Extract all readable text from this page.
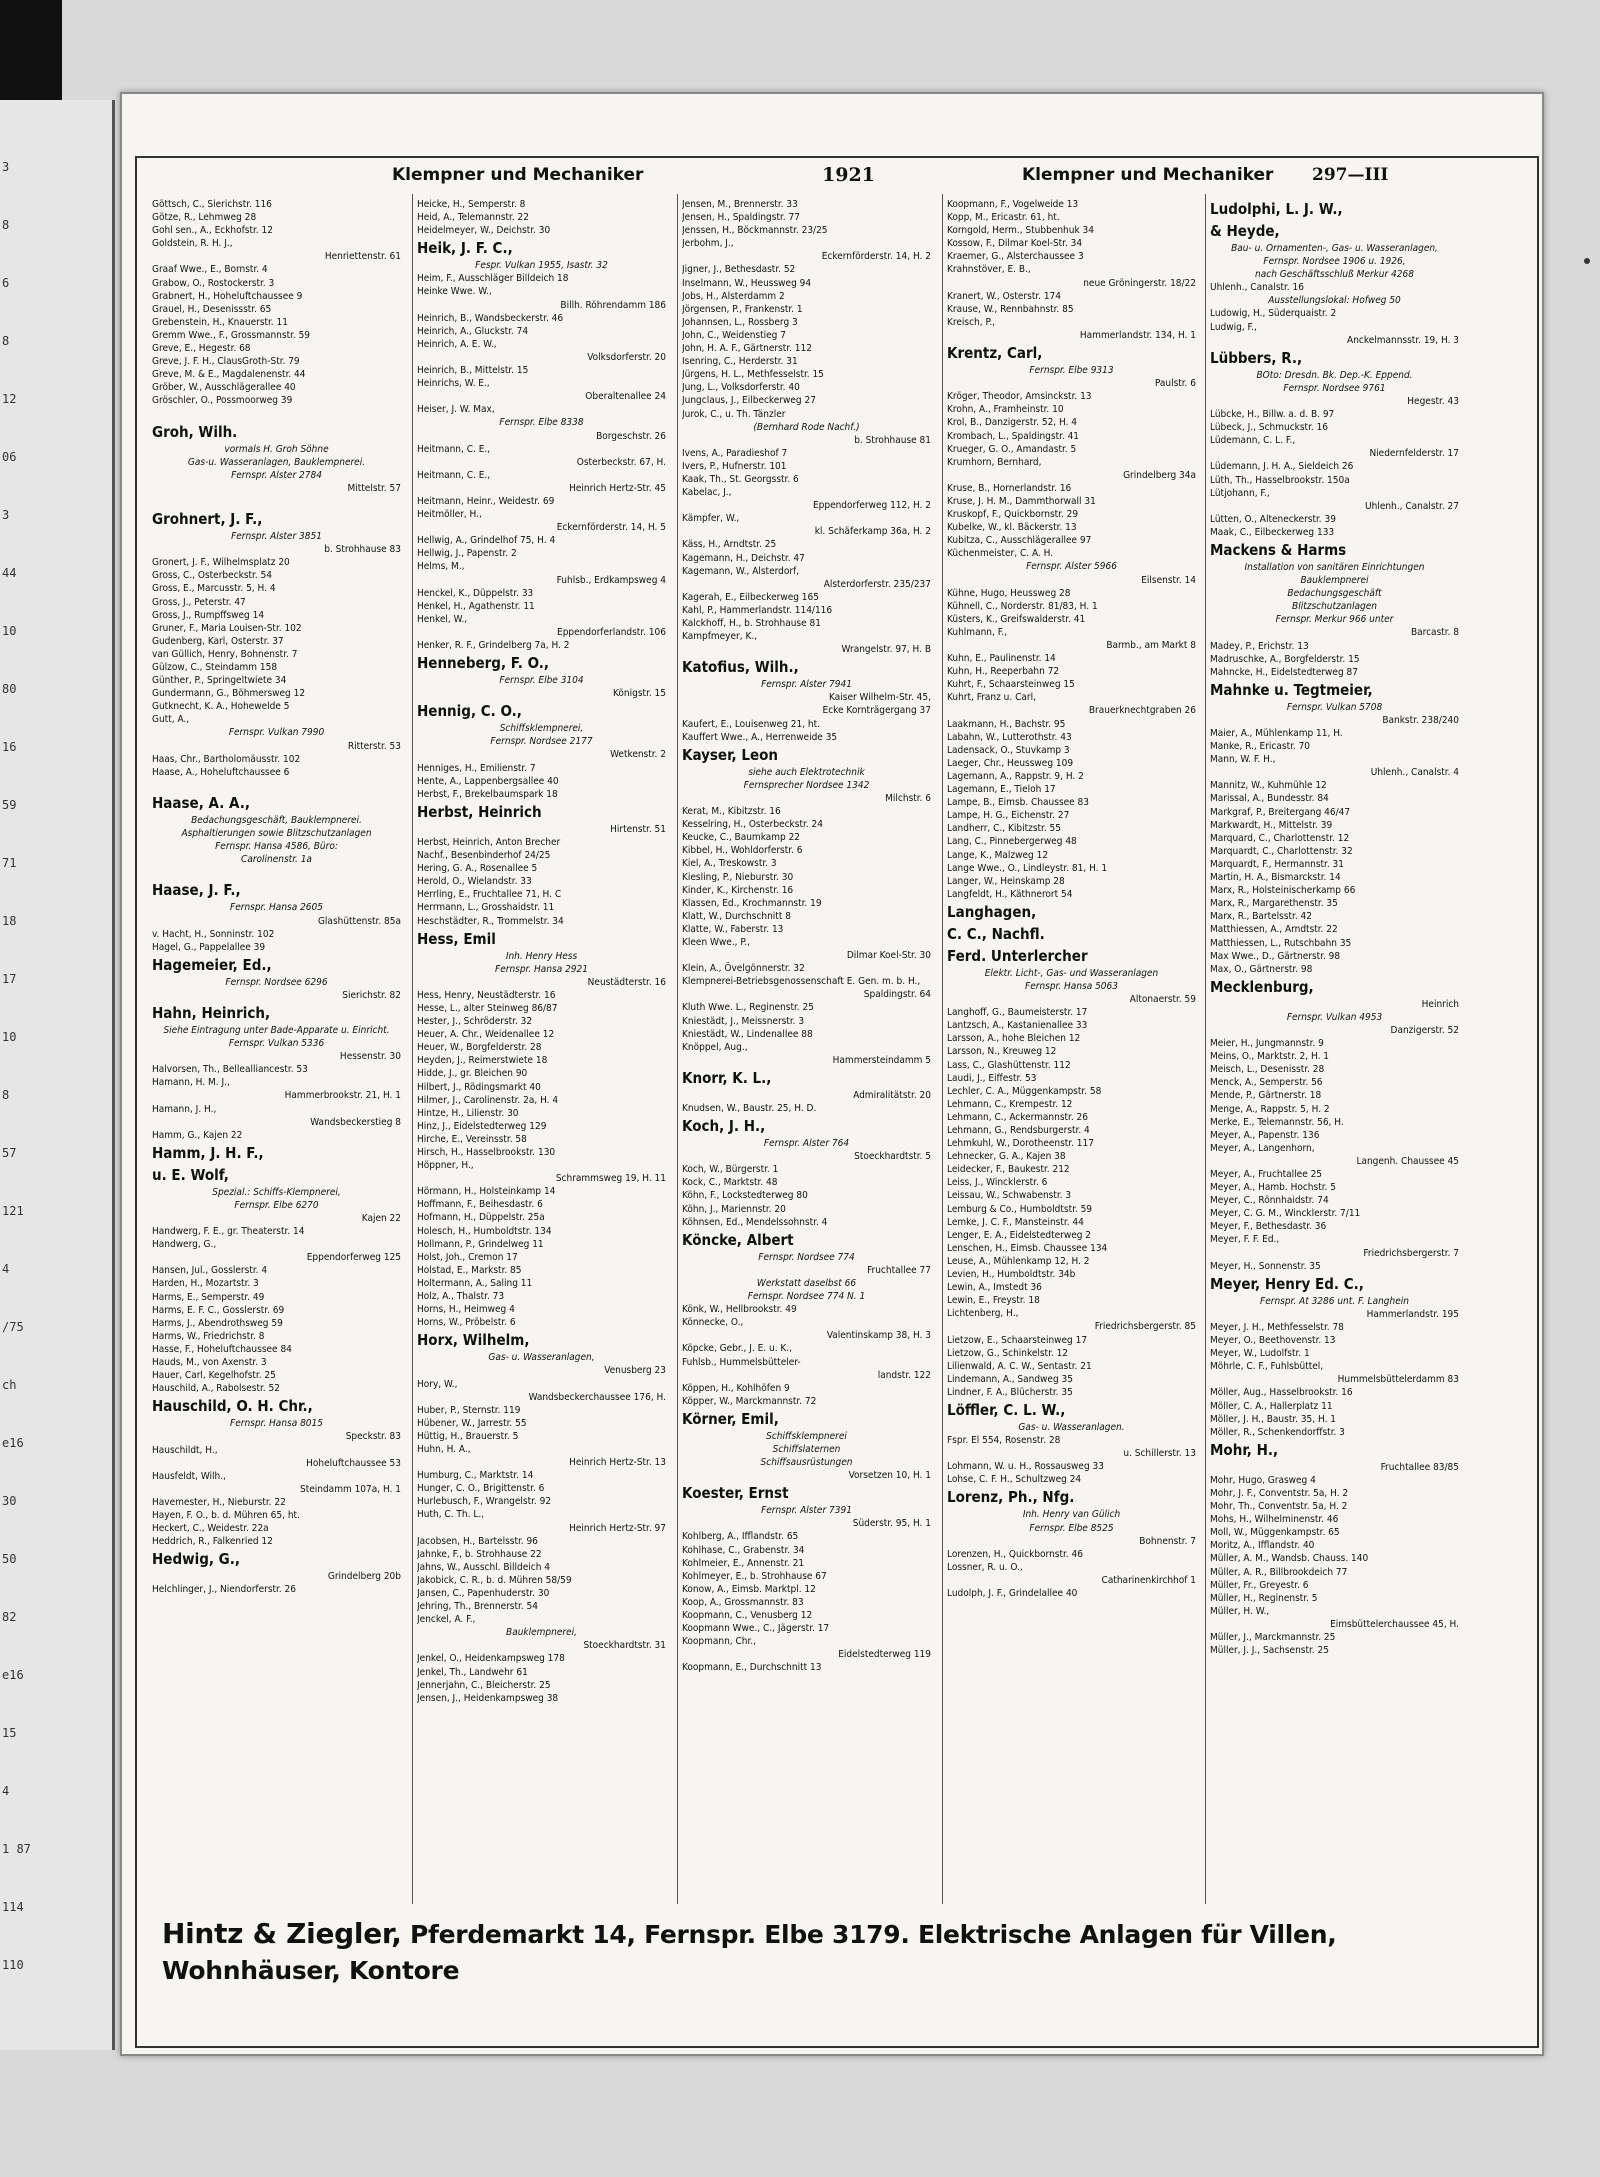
3
8
6
8
12
06
3
44
10
80
16
59
71
18
17
10
8
57
121
4
/75
ch
e16
30
50
82
e16
15
4
1 87
114
110
Klempner und Mechaniker	1921	Klempner und Mechaniker 297—III
Göttsch, C., Sierichstr. 116
Götze, R., Lehmweg 28
Gohl sen., A., Eckhofstr. 12
Goldstein, R. H. J.,
Henriettenstr. 61
Graaf Wwe., E., Bornstr. 4
Grabow, O., Rostockerstr. 3
Grabnert, H., Hoheluftchaussee 9
Grauel, H., Desenissstr. 65
Grebenstein, H., Knauerstr. 11
Gremm Wwe., F., Grossmannstr. 59
Greve, E., Hegestr. 68
Greve, J. F. H., ClausGroth-Str. 79
Greve, M. & E., Magdalenenstr. 44
Gröber, W., Ausschlägerallee 40
Gröschler, O., Possmoorweg 39
Groh, Wilh.
vormals H. Groh Söhne
Gas-u. Wasseranlagen, Bauklempnerei.
Fernspr. Alster 2784
Mittelstr. 57
Grohnert, J. F.,
Fernspr. Alster 3851
b. Strohhause 83
Gronert, J. F., Wilhelmsplatz 20
Gross, C., Osterbeckstr. 54
Gross, E., Marcusstr. 5, H. 4
Gross, J., Peterstr. 47
Gross, J., Rumpffsweg 14
Gruner, F., Maria Louisen-Str. 102
Gudenberg, Karl, Osterstr. 37
van Güllich, Henry, Bohnenstr. 7
Gülzow, C., Steindamm 158
Günther, P., Springeltwiete 34
Gundermann, G., Böhmersweg 12
Gutknecht, K. A., Hohewelde 5
Gutt, A.,
Fernspr. Vulkan 7990
Ritterstr. 53
Haas, Chr., Bartholomäusstr. 102
Haase, A., Hoheluftchaussee 6
Haase, A. A.,
Bedachungsgeschäft, Bauklempnerei.
Asphaltierungen sowie Blitzschutzanlagen
Fernspr. Hansa 4586, Büro:
Carolinenstr. 1a
Haase, J. F.,
Fernspr. Hansa 2605
Glashüttenstr. 85a
v. Hacht, H., Sonninstr. 102
Hagel, G., Pappelallee 39
Hagemeier, Ed.,
Fernspr. Nordsee 6296
Sierichstr. 82
Hahn, Heinrich,
Siehe Eintragung unter Bade-Apparate u. Einricht.
Fernspr. Vulkan 5336
Hessenstr. 30
Halvorsen, Th., Bellealliancestr. 53
Hamann, H. M. J.,
Hammerbrookstr. 21, H. 1
Hamann, J. H.,
Wandsbeckerstieg 8
Hamm, G., Kajen 22
Hamm, J. H. F.,
u. E. Wolf,
Spezial.: Schiffs-Klempnerei,
Fernspr. Elbe 6270
Kajen 22
Handwerg, F. E., gr. Theaterstr. 14
Handwerg, G.,
Eppendorferweg 125
Hansen, Jul., Gosslerstr. 4
Harden, H., Mozartstr. 3
Harms, E., Semperstr. 49
Harms, E. F. C., Gosslerstr. 69
Harms, J., Abendrothsweg 59
Harms, W., Friedrichstr. 8
Hasse, F., Hoheluftchaussee 84
Hauds, M., von Axenstr. 3
Hauer, Carl, Kegelhofstr. 25
Hauschild, A., Rabolsestr. 52
Hauschild, O. H. Chr.,
Fernspr. Hansa 8015
Speckstr. 83
Hauschildt, H.,
Hoheluftchaussee 53
Hausfeldt, Wilh.,
Steindamm 107a, H. 1
Havemester, H., Nieburstr. 22
Hayen, F. O., b. d. Mühren 65, ht.
Heckert, C., Weidestr. 22a
Heddrich, R., Falkenried 12
Hedwig, G.,
Grindelberg 20b
Helchlinger, J., Niendorferstr. 26
Heicke, H., Semperstr. 8
Heid, A., Telemannstr. 22
Heidelmeyer, W., Deichstr. 30
Heik, J. F. C.,
Fespr. Vulkan 1955, Isastr. 32
Heim, F., Ausschläger Billdeich 18
Heinke Wwe. W.,
Billh. Röhrendamm 186
Heinrich, B., Wandsbeckerstr. 46
Heinrich, A., Gluckstr. 74
Heinrich, A. E. W.,
Volksdorferstr. 20
Heinrich, B., Mittelstr. 15
Heinrichs, W. E.,
Oberaltenallee 24
Heiser, J. W. Max,
Fernspr. Elbe 8338
Borgeschstr. 26
Heitmann, C. E.,
Osterbeckstr. 67, H.
Heitmann, C. E.,
Heinrich Hertz-Str. 45
Heitmann, Heinr., Weidestr. 69
Heitmöller, H.,
Eckernförderstr. 14, H. 5
Hellwig, A., Grindelhof 75, H. 4
Hellwig, J., Papenstr. 2
Helms, M.,
Fuhlsb., Erdkampsweg 4
Henckel, K., Düppelstr. 33
Henkel, H., Agathenstr. 11
Henkel, W.,
Eppendorferlandstr. 106
Henker, R. F., Grindelberg 7a, H. 2
Henneberg, F. O.,
Fernspr. Elbe 3104
Königstr. 15
Hennig, C. O.,
Schiffsklempnerei,
Fernspr. Nordsee 2177
Wetkenstr. 2
Henniges, H., Emilienstr. 7
Hente, A., Lappenbergsallee 40
Herbst, F., Brekelbaumspark 18
Herbst, Heinrich
Hirtenstr. 51
Herbst, Heinrich, Anton Brecher
Nachf., Besenbinderhof 24/25
Hering, G. A., Rosenallee 5
Herold, O., Wielandstr. 33
Herrling, E., Fruchtallee 71, H. C
Herrmann, L., Grosshaidstr. 11
Heschstädter, R., Trommelstr. 34
Hess, Emil
Inh. Henry Hess
Fernspr. Hansa 2921
Neustädterstr. 16
Hess, Henry, Neustädterstr. 16
Hesse, L., alter Steinweg 86/87
Hester, J., Schröderstr. 32
Heuer, A. Chr., Weidenallee 12
Heuer, W., Borgfelderstr. 28
Heyden, J., Reimerstwiete 18
Hidde, J., gr. Bleichen 90
Hilbert, J., Rödingsmarkt 40
Hilmer, J., Carolinenstr. 2a, H. 4
Hintze, H., Lilienstr. 30
Hinz, J., Eidelstedterweg 129
Hirche, E., Vereinsstr. 58
Hirsch, H., Hasselbrookstr. 130
Höppner, H.,
Schrammsweg 19, H. 11
Hörmann, H., Holsteinkamp 14
Hoffmann, F., Beihesdastr. 6
Hofmann, H., Düppelstr. 25a
Holesch, H., Humboldtstr. 134
Hollmann, P., Grindelweg 11
Holst, Joh., Cremon 17
Holstad, E., Markstr. 85
Holtermann, A., Saling 11
Holz, A., Thalstr. 73
Horns, H., Heimweg 4
Horns, W., Pröbelstr. 6
Horx, Wilhelm,
Gas- u. Wasseranlagen,
Venusberg 23
Hory, W.,
Wandsbeckerchaussee 176, H.
Huber, P., Sternstr. 119
Hübener, W., Jarrestr. 55
Hüttig, H., Brauerstr. 5
Huhn, H. A.,
Heinrich Hertz-Str. 13
Humburg, C., Marktstr. 14
Hunger, C. O., Brigittenstr. 6
Hurlebusch, F., Wrangelstr. 92
Huth, C. Th. L.,
Heinrich Hertz-Str. 97
Jacobsen, H., Bartelsstr. 96
Jahnke, F., b. Strohhause 22
Jahns, W., Ausschl. Billdeich 4
Jakobick, C. R., b. d. Mühren 58/59
Jansen, C., Papenhuderstr. 30
Jehring, Th., Brennerstr. 54
Jenckel, A. F.,
Bauklempnerei,
Stoeckhardtstr. 31
Jenkel, O., Heidenkampsweg 178
Jenkel, Th., Landwehr 61
Jennerjahn, C., Bleicherstr. 25
Jensen, J., Heidenkampsweg 38
Jensen, M., Brennerstr. 33
Jensen, H., Spaldingstr. 77
Jenssen, H., Böckmannstr. 23/25
Jerbohm, J.,
Eckernförderstr. 14, H. 2
Jigner, J., Bethesdastr. 52
Inselmann, W., Heussweg 94
Jobs, H., Alsterdamm 2
Jörgensen, P., Frankenstr. 1
Johannsen, L., Rossberg 3
John, C., Weidenstieg 7
John, H. A. F., Gärtnerstr. 112
Isenring, C., Herderstr. 31
Jürgens, H. L., Methfesselstr. 15
Jung, L., Volksdorferstr. 40
Jungclaus, J., Eilbeckerweg 27
Jurok, C., u. Th. Tänzler
(Bernhard Rode Nachf.)
b. Strohhause 81
Ivens, A., Paradieshof 7
Ivers, P., Hufnerstr. 101
Kaak, Th., St. Georgsstr. 6
Kabelac, J.,
Eppendorferweg 112, H. 2
Kämpfer, W.,
kl. Schäferkamp 36a, H. 2
Käss, H., Arndtstr. 25
Kagemann, H., Deichstr. 47
Kagemann, W., Alsterdorf,
Alsterdorferstr. 235/237
Kagerah, E., Eilbeckerweg 165
Kahl, P., Hammerlandstr. 114/116
Kalckhoff, H., b. Strohhause 81
Kampfmeyer, K.,
Wrangelstr. 97, H. B
Katofius, Wilh.,
Fernspr. Alster 7941
Kaiser Wilhelm-Str. 45,
Ecke Kornträgergang 37
Kaufert, E., Louisenweg 21, ht.
Kauffert Wwe., A., Herrenweide 35
Kayser, Leon
siehe auch Elektrotechnik
Fernsprecher Nordsee 1342
Milchstr. 6
Kerat, M., Kibitzstr. 16
Kesselring, H., Osterbeckstr. 24
Keucke, C., Baumkamp 22
Kibbel, H., Wohldorferstr. 6
Kiel, A., Treskowstr. 3
Kiesling, P., Nieburstr. 30
Kinder, K., Kirchenstr. 16
Klassen, Ed., Krochmannstr. 19
Klatt, W., Durchschnitt 8
Klatte, W., Faberstr. 13
Kleen Wwe., P.,
Dilmar Koel-Str. 30
Klein, A., Övelgönnerstr. 32
Klempnerei-Betriebsgenossenschaft E. Gen. m. b. H.,
Spaldingstr. 64
Kluth Wwe. L., Reginenstr. 25
Kniestädt, J., Meissnerstr. 3
Kniestädt, W., Lindenallee 88
Knöppel, Aug.,
Hammersteindamm 5
Knorr, K. L.,
Admiralitätstr. 20
Knudsen, W., Baustr. 25, H. D.
Koch, J. H.,
Fernspr. Alster 764
Stoeckhardtstr. 5
Koch, W., Bürgerstr. 1
Kock, C., Marktstr. 48
Köhn, F., Lockstedterweg 80
Köhn, J., Mariennstr. 20
Köhnsen, Ed., Mendelssohnstr. 4
Köncke, Albert
Fernspr. Nordsee 774
Fruchtallee 77
Werkstatt daselbst 66
Fernspr. Nordsee 774 N. 1
Könk, W., Hellbrookstr. 49
Könnecke, O.,
Valentinskamp 38, H. 3
Köpcke, Gebr., J. E. u. K.,
Fuhlsb., Hummelsbütteler-
landstr. 122
Köppen, H., Kohlhöfen 9
Köpper, W., Marckmannstr. 72
Körner, Emil,
Schiffsklempnerei
Schiffslaternen
Schiffsausrüstungen
Vorsetzen 10, H. 1
Koester, Ernst
Fernspr. Alster 7391
Süderstr. 95, H. 1
Kohlberg, A., Ifflandstr. 65
Kohlhase, C., Grabenstr. 34
Kohlmeier, E., Annenstr. 21
Kohlmeyer, E., b. Strohhause 67
Konow, A., Eimsb. Marktpl. 12
Koop, A., Grossmannstr. 83
Koopmann, C., Venusberg 12
Koopmann Wwe., C., Jägerstr. 17
Koopmann, Chr.,
Eidelstedterweg 119
Koopmann, E., Durchschnitt 13
Koopmann, F., Vogelweide 13
Kopp, M., Ericastr. 61, ht.
Korngold, Herm., Stubbenhuk 34
Kossow, F., Dilmar Koel-Str. 34
Kraemer, G., Alsterchaussee 3
Krahnstöver, E. B.,
neue Gröningerstr. 18/22
Kranert, W., Osterstr. 174
Krause, W., Rennbahnstr. 85
Kreisch, P.,
Hammerlandstr. 134, H. 1
Krentz, Carl,
Fernspr. Elbe 9313
Paulstr. 6
Kröger, Theodor, Amsinckstr. 13
Krohn, A., Framheinstr. 10
Krol, B., Danzigerstr. 52, H. 4
Krombach, L., Spaldingstr. 41
Krueger, G. O., Amandastr. 5
Krumhorn, Bernhard,
Grindelberg 34a
Kruse, B., Hornerlandstr. 16
Kruse, J. H. M., Dammthorwall 31
Kruskopf, F., Quickbornstr. 29
Kubelke, W., kl. Bäckerstr. 13
Kubitza, C., Ausschlägerallee 97
Küchenmeister, C. A. H.
Fernspr. Alster 5966
Eilsenstr. 14
Kühne, Hugo, Heussweg 28
Kühnell, C., Norderstr. 81/83, H. 1
Küsters, K., Greifswalderstr. 41
Kuhlmann, F.,
Barmb., am Markt 8
Kuhn, E., Paulinenstr. 14
Kuhn, H., Reeperbahn 72
Kuhrt, F., Schaarsteinweg 15
Kuhrt, Franz u. Carl,
Brauerknechtgraben 26
Laakmann, H., Bachstr. 95
Labahn, W., Lutterothstr. 43
Ladensack, O., Stuvkamp 3
Laeger, Chr., Heussweg 109
Lagemann, A., Rappstr. 9, H. 2
Lagemann, E., Tieloh 17
Lampe, B., Eimsb. Chaussee 83
Lampe, H. G., Eichenstr. 27
Landherr, C., Kibitzstr. 55
Lang, C., Pinnebergerweg 48
Lange, K., Malzweg 12
Lange Wwe., O., Lindleystr. 81, H. 1
Langer, W., Heinskamp 28
Langfeldt, H., Käthnerort 54
Langhagen,
C. C., Nachfl.
Ferd. Unterlercher
Elektr. Licht-, Gas- und Wasseranlagen
Fernspr. Hansa 5063
Altonaerstr. 59
Langhoff, G., Baumeisterstr. 17
Lantzsch, A., Kastanienallee 33
Larsson, A., hohe Bleichen 12
Larsson, N., Kreuweg 12
Lass, C., Glashüttenstr. 112
Laudi, J., Eiffestr. 53
Lechler, C. A., Müggenkampstr. 58
Lehmann, C., Krempestr. 12
Lehmann, C., Ackermannstr. 26
Lehmann, G., Rendsburgerstr. 4
Lehmkuhl, W., Dorotheenstr. 117
Lehnecker, G. A., Kajen 38
Leidecker, F., Baukestr. 212
Leiss, J., Wincklerstr. 6
Leissau, W., Schwabenstr. 3
Lemburg & Co., Humboldtstr. 59
Lemke, J. C. F., Mansteinstr. 44
Lenger, E. A., Eidelstedterweg 2
Lenschen, H., Eimsb. Chaussee 134
Leuse, A., Mühlenkamp 12, H. 2
Levien, H., Humboldtstr. 34b
Lewin, A., Imstedt 36
Lewin, E., Freystr. 18
Lichtenberg, H.,
Friedrichsbergerstr. 85
Lietzow, E., Schaarsteinweg 17
Lietzow, G., Schinkelstr. 12
Lilienwald, A. C. W., Sentastr. 21
Lindemann, A., Sandweg 35
Lindner, F. A., Blücherstr. 35
Löffler, C. L. W.,
Gas- u. Wasseranlagen.
Fspr. El 554, Rosenstr. 28
u. Schillerstr. 13
Lohmann, W. u. H., Rossausweg 33
Lohse, C. F. H., Schultzweg 24
Lorenz, Ph., Nfg.
Inh. Henry van Gülich
Fernspr. Elbe 8525
Bohnenstr. 7
Lorenzen, H., Quickbornstr. 46
Lossner, R. u. O.,
Catharinenkirchhof 1
Ludolph, J. F., Grindelallee 40
Ludolphi, L. J. W.,
& Heyde,
Bau- u. Ornamenten-, Gas- u. Wasseranlagen,
Fernspr. Nordsee 1906 u. 1926,
nach Geschäftsschluß Merkur 4268
Uhlenh., Canalstr. 16
Ausstellungslokal: Hofweg 50
Ludowig, H., Süderquaistr. 2
Ludwig, F.,
Anckelmannsstr. 19, H. 3
Lübbers, R.,
BOto: Dresdn. Bk. Dep.-K. Eppend.
Fernspr. Nordsee 9761
Hegestr. 43
Lübcke, H., Billw. a. d. B. 97
Lübeck, J., Schmuckstr. 16
Lüdemann, C. L. F.,
Niedernfelderstr. 17
Lüdemann, J. H. A., Sieldeich 26
Lüth, Th., Hasselbrookstr. 150a
Lütjohann, F.,
Uhlenh., Canalstr. 27
Lütten, O., Alteneckerstr. 39
Maak, C., Eilbeckerweg 133
Mackens & Harms
Installation von sanitären Einrichtungen
Bauklempnerei
Bedachungsgeschäft
Blitzschutzanlagen
Fernspr. Merkur 966 unter
Barcastr. 8
Madey, P., Erichstr. 13
Madruschke, A., Borgfelderstr. 15
Mahncke, H., Eidelstedterweg 87
Mahnke u. Tegtmeier,
Fernspr. Vulkan 5708
Bankstr. 238/240
Maier, A., Mühlenkamp 11, H.
Manke, R., Ericastr. 70
Mann, W. F. H.,
Uhlenh., Canalstr. 4
Mannitz, W., Kuhmühle 12
Marissal, A., Bundesstr. 84
Markgraf, P., Breitergang 46/47
Markwardt, H., Mittelstr. 39
Marquard, C., Charlottenstr. 12
Marquardt, C., Charlottenstr. 32
Marquardt, F., Hermannstr. 31
Martin, H. A., Bismarckstr. 14
Marx, R., Holsteinischerkamp 66
Marx, R., Margarethenstr. 35
Marx, R., Bartelsstr. 42
Matthiessen, A., Arndtstr. 22
Matthiessen, L., Rutschbahn 35
Max Wwe., D., Gärtnerstr. 98
Max, O., Gärtnerstr. 98
Mecklenburg,
Heinrich
Fernspr. Vulkan 4953
Danzigerstr. 52
Meier, H., Jungmannstr. 9
Meins, O., Marktstr. 2, H. 1
Meisch, L., Desenisstr. 28
Menck, A., Semperstr. 56
Mende, P., Gärtnerstr. 18
Menge, A., Rappstr. 5, H. 2
Merke, E., Telemannstr. 56, H.
Meyer, A., Papenstr. 136
Meyer, A., Langenhorn,
Langenh. Chaussee 45
Meyer, A., Fruchtallee 25
Meyer, A., Hamb. Hochstr. 5
Meyer, C., Rönnhaidstr. 74
Meyer, C. G. M., Wincklerstr. 7/11
Meyer, F., Bethesdastr. 36
Meyer, F. F. Ed.,
Friedrichsbergerstr. 7
Meyer, H., Sonnenstr. 35
Meyer, Henry Ed. C.,
Fernspr. At 3286 unt. F. Langhein
Hammerlandstr. 195
Meyer, J. H., Methfesselstr. 78
Meyer, O., Beethovenstr. 13
Meyer, W., Ludolfstr. 1
Möhrle, C. F., Fuhlsbüttel,
Hummelsbüttelerdamm 83
Möller, Aug., Hasselbrookstr. 16
Möller, C. A., Hallerplatz 11
Möller, J. H., Baustr. 35, H. 1
Möller, R., Schenkendorffstr. 3
Mohr, H.,
Fruchtallee 83/85
Mohr, Hugo, Grasweg 4
Mohr, J. F., Conventstr. 5a, H. 2
Mohr, Th., Conventstr. 5a, H. 2
Mohs, H., Wilhelminenstr. 46
Moll, W., Müggenkampstr. 65
Moritz, A., Ifflandstr. 40
Müller, A. M., Wandsb. Chauss. 140
Müller, A. R., Billbrookdeich 77
Müller, Fr., Greyestr. 6
Müller, H., Reginenstr. 5
Müller, H. W.,
Eimsbüttelerchaussee 45, H.
Müller, J., Marckmannstr. 25
Müller, J. J., Sachsenstr. 25
Hintz & Ziegler, Pferdemarkt 14, Fernspr. Elbe 3179. Elektrische Anlagen für Villen, Wohnhäuser, Kontore
